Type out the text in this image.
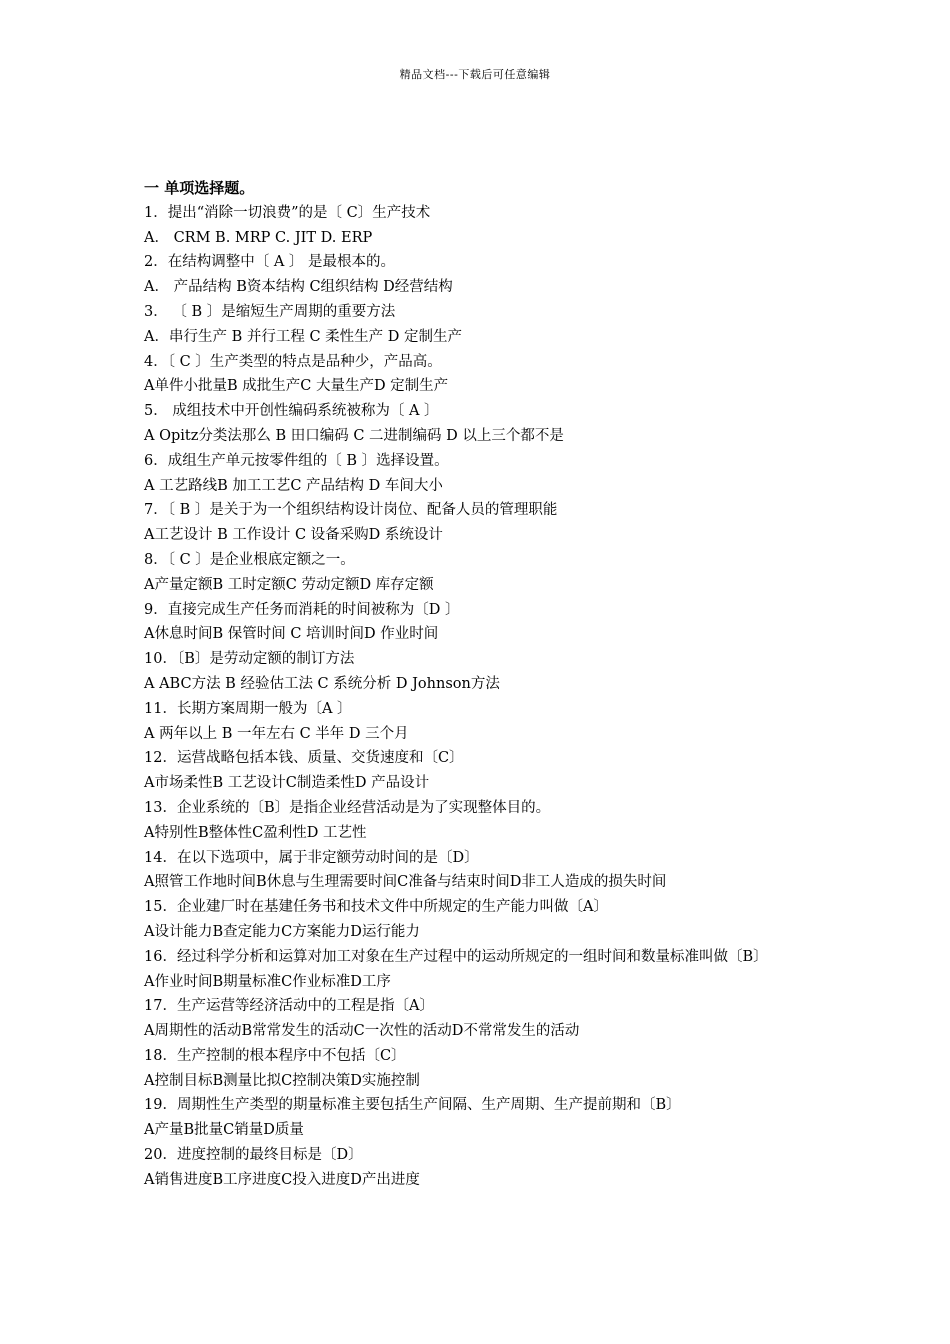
精品文档---下载后可任意编辑
一 单项选择题。
1．提出“消除一切浪费”的是〔 C〕生产技术
A． CRM B. MRP C. JIT D. ERP
2．在结构调整中〔 A 〕 是最根本的。
A． 产品结构 B资本结构 C组织结构 D经营结构
3． 〔 B 〕是缩短生产周期的重要方法
A．串行生产 B 并行工程 C 柔性生产 D 定制生产
4．〔 C 〕生产类型的特点是品种少，产品高。
A单件小批量B 成批生产C 大量生产D 定制生产
5． 成组技术中开创性编码系统被称为〔 A 〕
A Opitz分类法那么 B 田口编码 C 二进制编码 D 以上三个都不是
6．成组生产单元按零件组的〔 B 〕选择设置。
A 工艺路线B 加工工艺C 产品结构 D 车间大小
7．〔 B 〕是关于为一个组织结构设计岗位、配备人员的管理职能
A工艺设计 B 工作设计 C 设备采购D 系统设计
8．〔 C 〕是企业根底定额之一。
A产量定额B 工时定额C 劳动定额D 库存定额
9．直接完成生产任务而消耗的时间被称为〔D 〕
A休息时间B 保管时间 C 培训时间D 作业时间
10．〔B〕是劳动定额的制订方法
A ABC方法 B 经验估工法 C 系统分析 D Johnson方法
11．长期方案周期一般为〔A 〕
A 两年以上 B 一年左右 C 半年 D 三个月
12．运营战略包括本钱、质量、交货速度和〔C〕
A市场柔性B 工艺设计C制造柔性D 产品设计
13．企业系统的〔B〕是指企业经营活动是为了实现整体目的。
A特别性B整体性C盈利性D 工艺性
14．在以下选项中，属于非定额劳动时间的是〔D〕
A照管工作地时间B休息与生理需要时间C准备与结束时间D非工人造成的损失时间
15．企业建厂时在基建任务书和技术文件中所规定的生产能力叫做〔A〕
A设计能力B查定能力C方案能力D运行能力
16．经过科学分析和运算对加工对象在生产过程中的运动所规定的一组时间和数量标准叫做〔B〕
A作业时间B期量标准C作业标准D工序
17．生产运营等经济活动中的工程是指〔A〕
A周期性的活动B常常发生的活动C一次性的活动D不常常发生的活动
18．生产控制的根本程序中不包括〔C〕
A控制目标B测量比拟C控制决策D实施控制
19．周期性生产类型的期量标准主要包括生产间隔、生产周期、生产提前期和〔B〕
A产量B批量C销量D质量
20．进度控制的最终目标是〔D〕
A销售进度B工序进度C投入进度D产出进度
